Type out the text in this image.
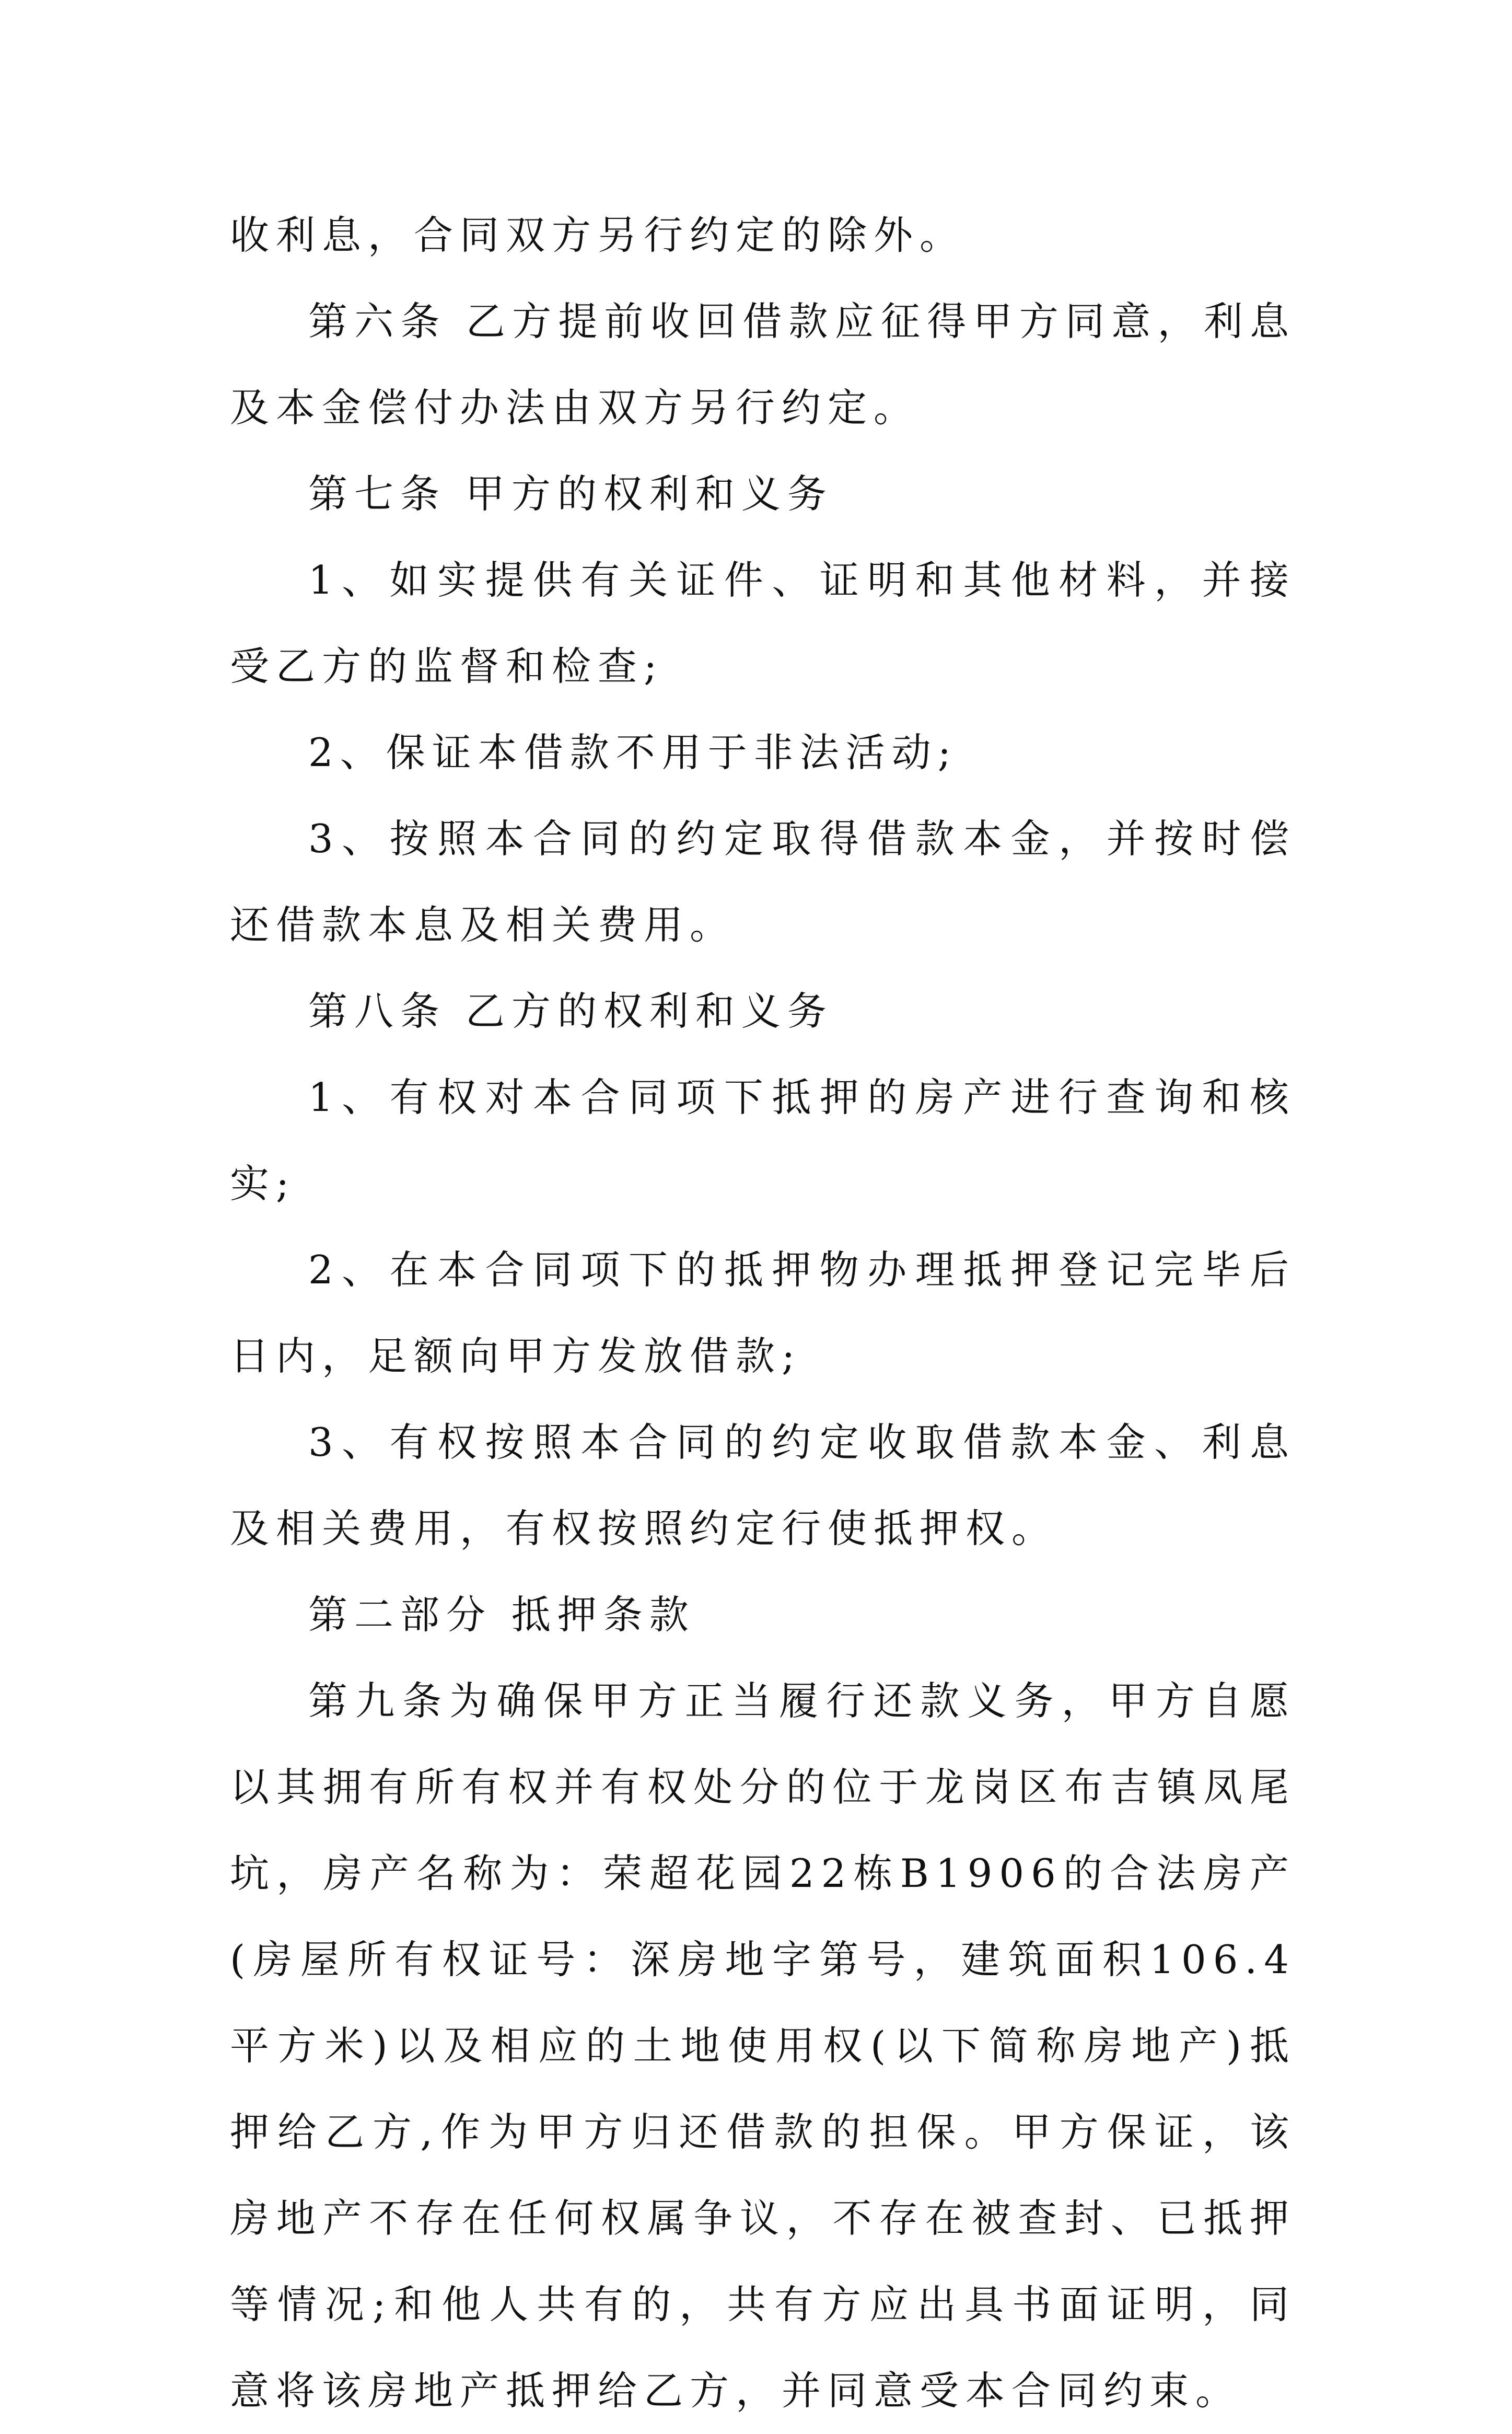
收利息，合同双方另行约定的除外。

第六条 乙方提前收回借款应征得甲方同意，利息及本金偿付办法由双方另行约定。

第七条 甲方的权利和义务

1、如实提供有关证件、证明和其他材料，并接受乙方的监督和检查;

2、保证本借款不用于非法活动;

3、按照本合同的约定取得借款本金，并按时偿还借款本息及相关费用。

第八条 乙方的权利和义务

1、有权对本合同项下抵押的房产进行查询和核实;

2、在本合同项下的抵押物办理抵押登记完毕后 日内，足额向甲方发放借款;

3、有权按照本合同的约定收取借款本金、利息及相关费用，有权按照约定行使抵押权。

第二部分 抵押条款

第九条为确保甲方正当履行还款义务，甲方自愿以其拥有所有权并有权处分的位于龙岗区布吉镇凤尾坑，房产名称为：荣超花园22栋B1906的合法房产(房屋所有权证号：深房地字第号，建筑面积106.4平方米)以及相应的土地使用权(以下简称房地产)抵押给乙方,作为甲方归还借款的担保。甲方保证，该房地产不存在任何权属争议，不存在被查封、已抵押等情况;和他人共有的，共有方应出具书面证明，同意将该房地产抵押给乙方，并同意受本合同约束。
